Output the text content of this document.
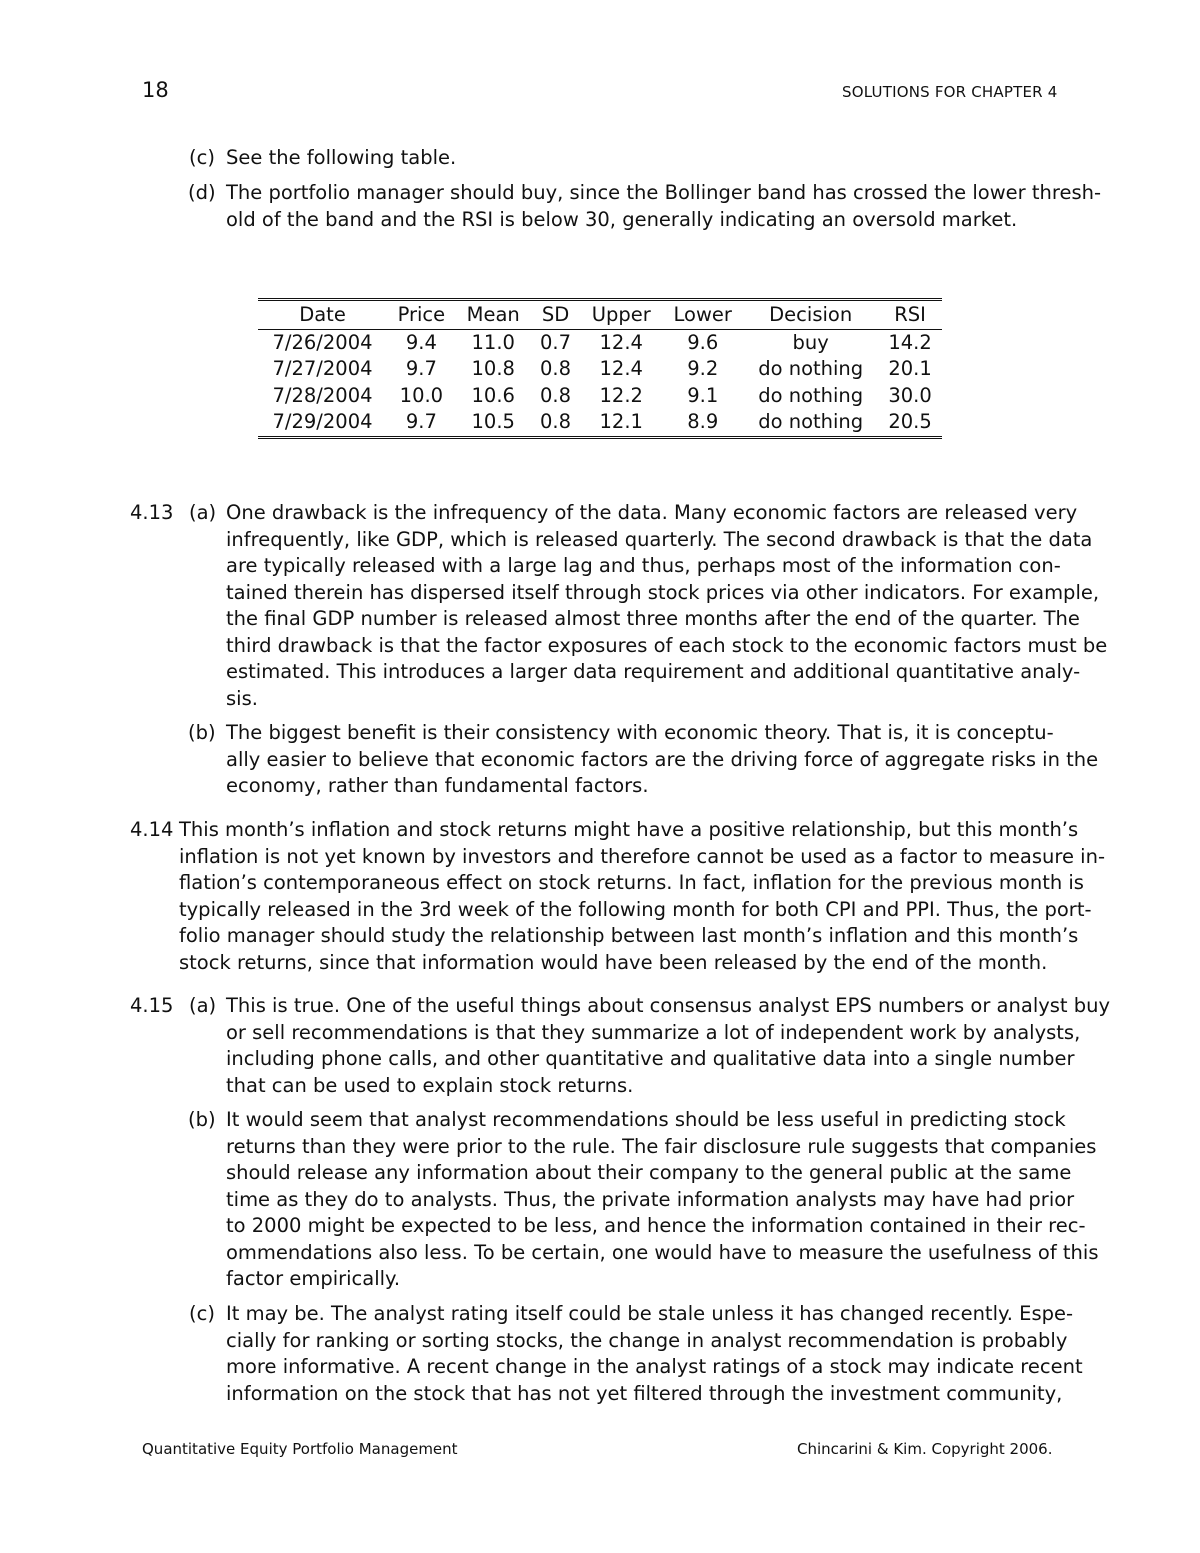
18	SOLUTIONS FOR CHAPTER 4
(c) See the following table.
(d) The portfolio manager should buy, since the Bollinger band has crossed the lower thresh-
old of the band and the RSI is below 30, generally indicating an oversold market.
Date	Price	Mean	SD	Upper	Lower	Decision	RSI
7/26/2004	9.4	11.0	0.7	12.4	9.6	buy	14.2
7/27/2004	9.7	10.8	0.8	12.4	9.2	do nothing	20.1
7/28/2004	10.0	10.6	0.8	12.2	9.1	do nothing	30.0
7/29/2004	9.7	10.5	0.8	12.1	8.9	do nothing	20.5
4.13 (a) One drawback is the infrequency of the data. Many economic factors are released very
infrequently, like GDP, which is released quarterly. The second drawback is that the data
are typically released with a large lag and thus, perhaps most of the information con-
tained therein has dispersed itself through stock prices via other indicators. For example,
the final GDP number is released almost three months after the end of the quarter. The
third drawback is that the factor exposures of each stock to the economic factors must be
estimated. This introduces a larger data requirement and additional quantitative analy-
sis.
(b) The biggest benefit is their consistency with economic theory. That is, it is conceptu-
ally easier to believe that economic factors are the driving force of aggregate risks in the
economy, rather than fundamental factors.
4.14 This month’s inflation and stock returns might have a positive relationship, but this month’s
inflation is not yet known by investors and therefore cannot be used as a factor to measure in-
flation’s contemporaneous effect on stock returns. In fact, inflation for the previous month is
typically released in the 3rd week of the following month for both CPI and PPI. Thus, the port-
folio manager should study the relationship between last month’s inflation and this month’s
stock returns, since that information would have been released by the end of the month.
4.15 (a) This is true. One of the useful things about consensus analyst EPS numbers or analyst buy
or sell recommendations is that they summarize a lot of independent work by analysts,
including phone calls, and other quantitative and qualitative data into a single number
that can be used to explain stock returns.
(b) It would seem that analyst recommendations should be less useful in predicting stock
returns than they were prior to the rule. The fair disclosure rule suggests that companies
should release any information about their company to the general public at the same
time as they do to analysts. Thus, the private information analysts may have had prior
to 2000 might be expected to be less, and hence the information contained in their rec-
ommendations also less. To be certain, one would have to measure the usefulness of this
factor empirically.
(c) It may be. The analyst rating itself could be stale unless it has changed recently. Espe-
cially for ranking or sorting stocks, the change in analyst recommendation is probably
more informative. A recent change in the analyst ratings of a stock may indicate recent
information on the stock that has not yet filtered through the investment community,
Quantitative Equity Portfolio Management	Chincarini & Kim. Copyright 2006.
